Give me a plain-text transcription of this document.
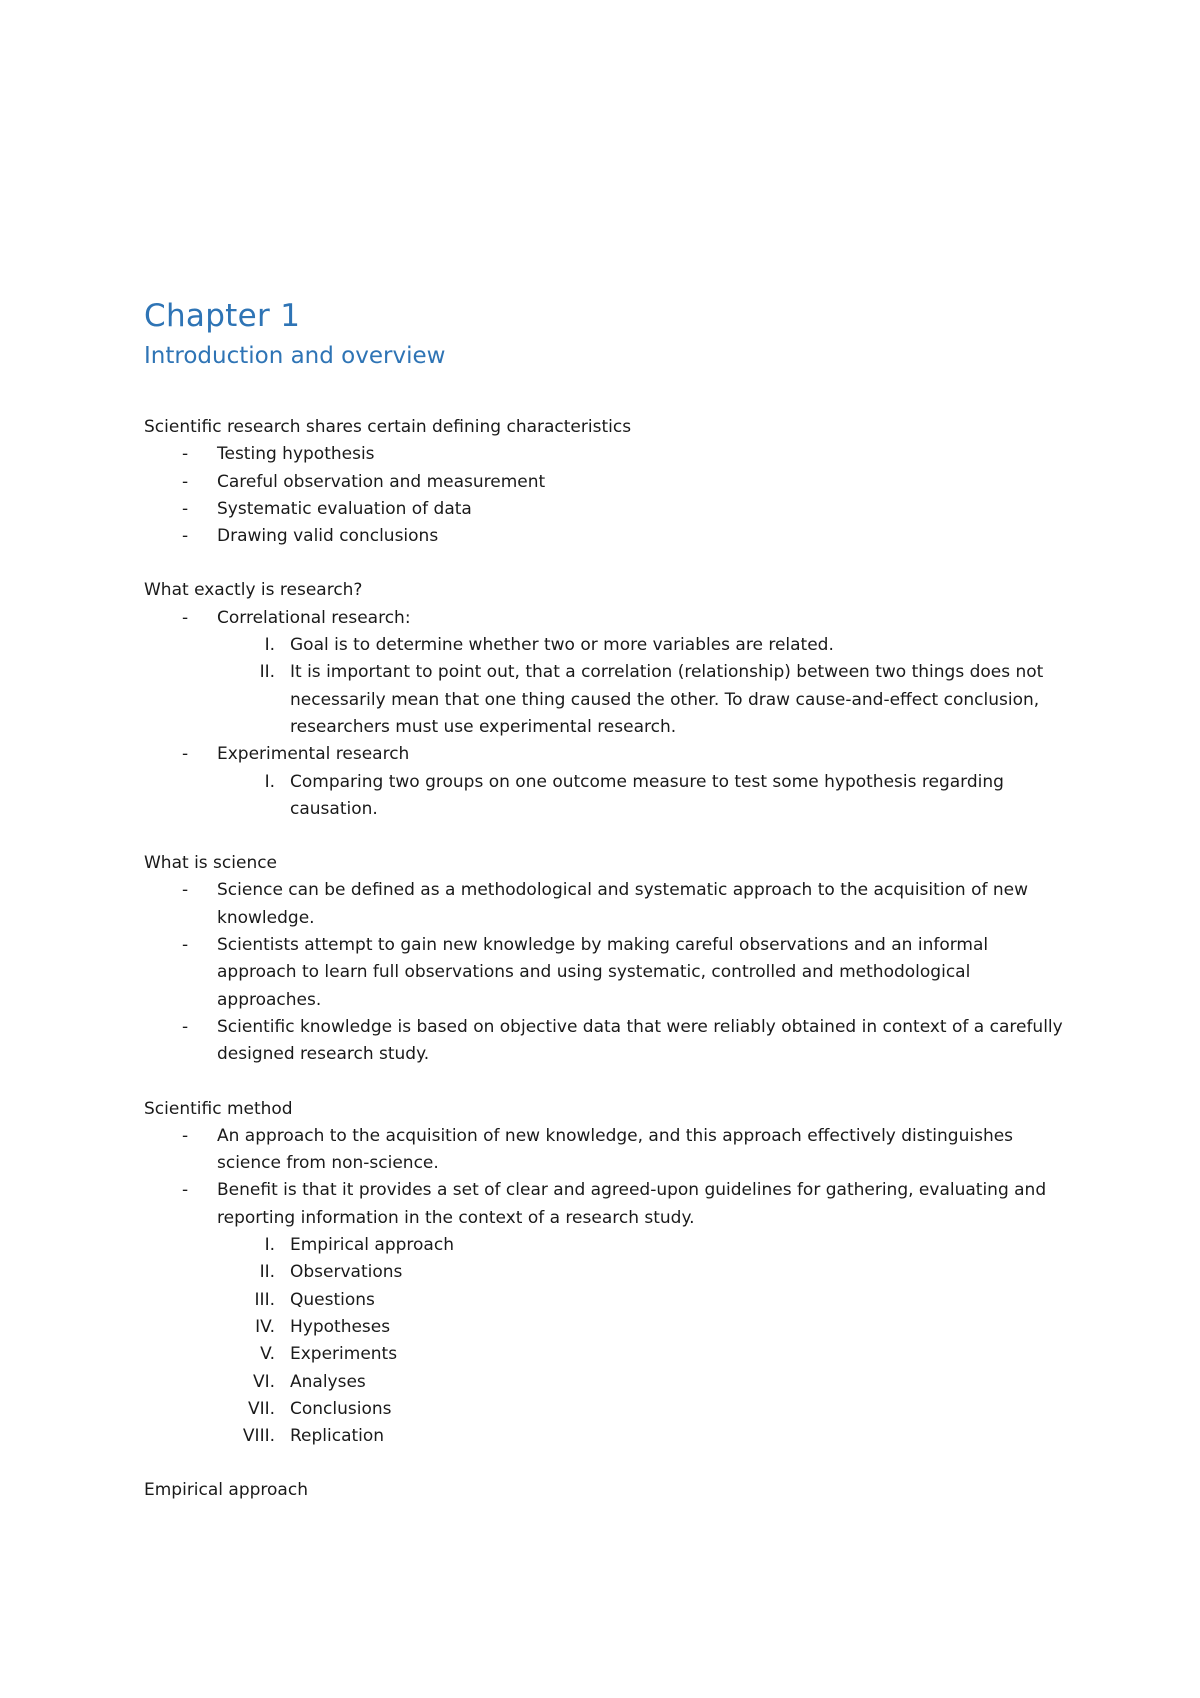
Chapter 1
Introduction and overview

Scientific research shares certain defining characteristics

- Testing hypothesis
- Careful observation and measurement
- Systematic evaluation of data
- Drawing valid conclusions

What exactly is research?

- Correlational research:
I. Goal is to determine whether two or more variables are related.
II. It is important to point out, that a correlation (relationship) between two things does not necessarily mean that one thing caused the other. To draw cause-and-effect conclusion, researchers must use experimental research.
- Experimental research
I. Comparing two groups on one outcome measure to test some hypothesis regarding causation.

What is science

- Science can be defined as a methodological and systematic approach to the acquisition of new knowledge.
- Scientists attempt to gain new knowledge by making careful observations and an informal approach to learn full observations and using systematic, controlled and methodological approaches.
- Scientific knowledge is based on objective data that were reliably obtained in context of a carefully designed research study.

Scientific method

- An approach to the acquisition of new knowledge, and this approach effectively distinguishes science from non-science.
- Benefit is that it provides a set of clear and agreed-upon guidelines for gathering, evaluating and reporting information in the context of a research study.
I. Empirical approach
II. Observations
III. Questions
IV. Hypotheses
V. Experiments
VI. Analyses
VII. Conclusions
VIII. Replication

Empirical approach
